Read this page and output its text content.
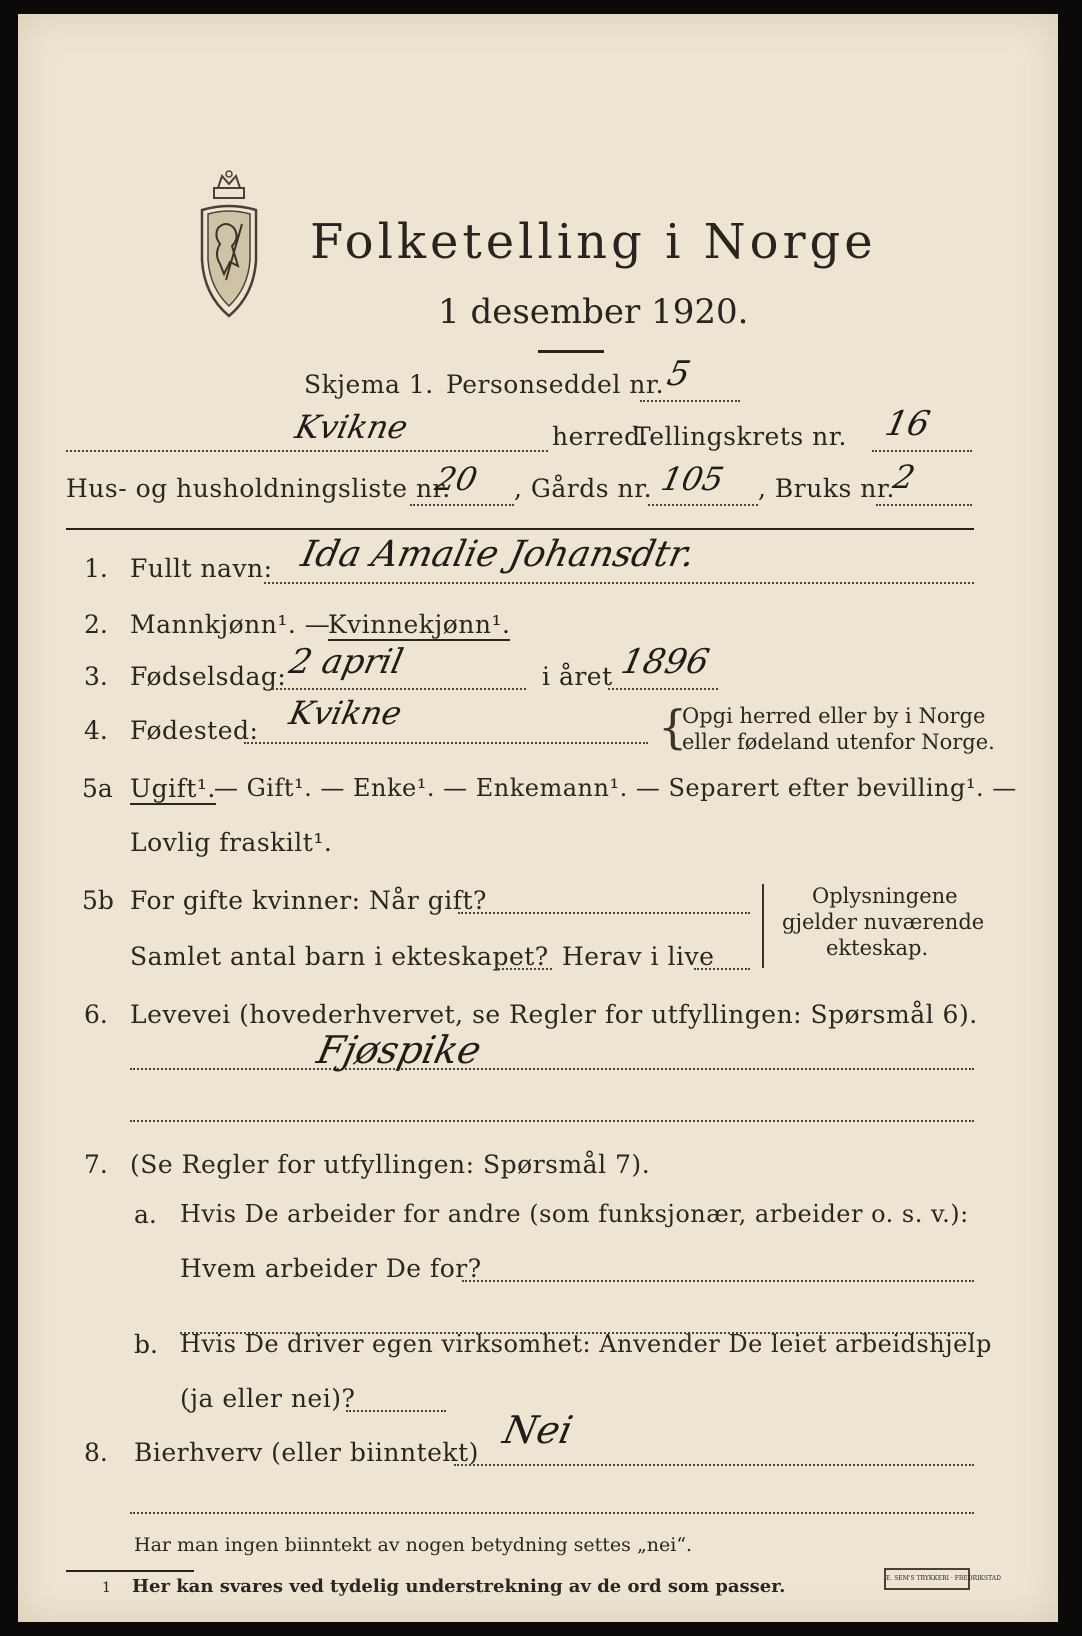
Folketelling i Norge
1 desember 1920.
Skjema 1. Personseddel nr. 5
Kvikne	herred.
Tellingskrets nr. 16
Hus- og husholdningsliste nr.
20 , Gårds nr. 105 , Bruks nr.
2
1. Fullt navn: Ida Amalie Johansdtr.
2. Mannkjønn¹. —
Kvinnekjønn¹.
3. Fødselsdag: 2 april	i året 1896
4. Fødested: Kvikne	{
Opgi herred eller by i Norge
eller fødeland utenfor Norge.
5a Ugift¹.
— Gift¹. — Enke¹. — Enkemann¹. — Separert efter bevilling¹. —
Lovlig fraskilt¹.
5b For gifte kvinner: Når gift?
Samlet antal barn i ekteskapet? Herav i live
Oplysningene
gjelder nuværende
ekteskap.
6. Levevei (hovederhvervet, se Regler for utfyllingen: Spørsmål 6).
Fjøspike
7. (Se Regler for utfyllingen: Spørsmål 7).
a. Hvis De arbeider for andre (som funksjonær, arbeider o. s. v.):
Hvem arbeider De for?
b. Hvis De driver egen virksomhet: Anvender De leiet arbeidshjelp
(ja eller nei)?
8. Bierhverv (eller biinntekt)
Nei
Har man ingen biinntekt av nogen betydning settes „nei“.
1 Her kan svares ved tydelig understrekning av de ord som passer.	E. SEM'S TRYKKERI · FREDRIKSTAD
